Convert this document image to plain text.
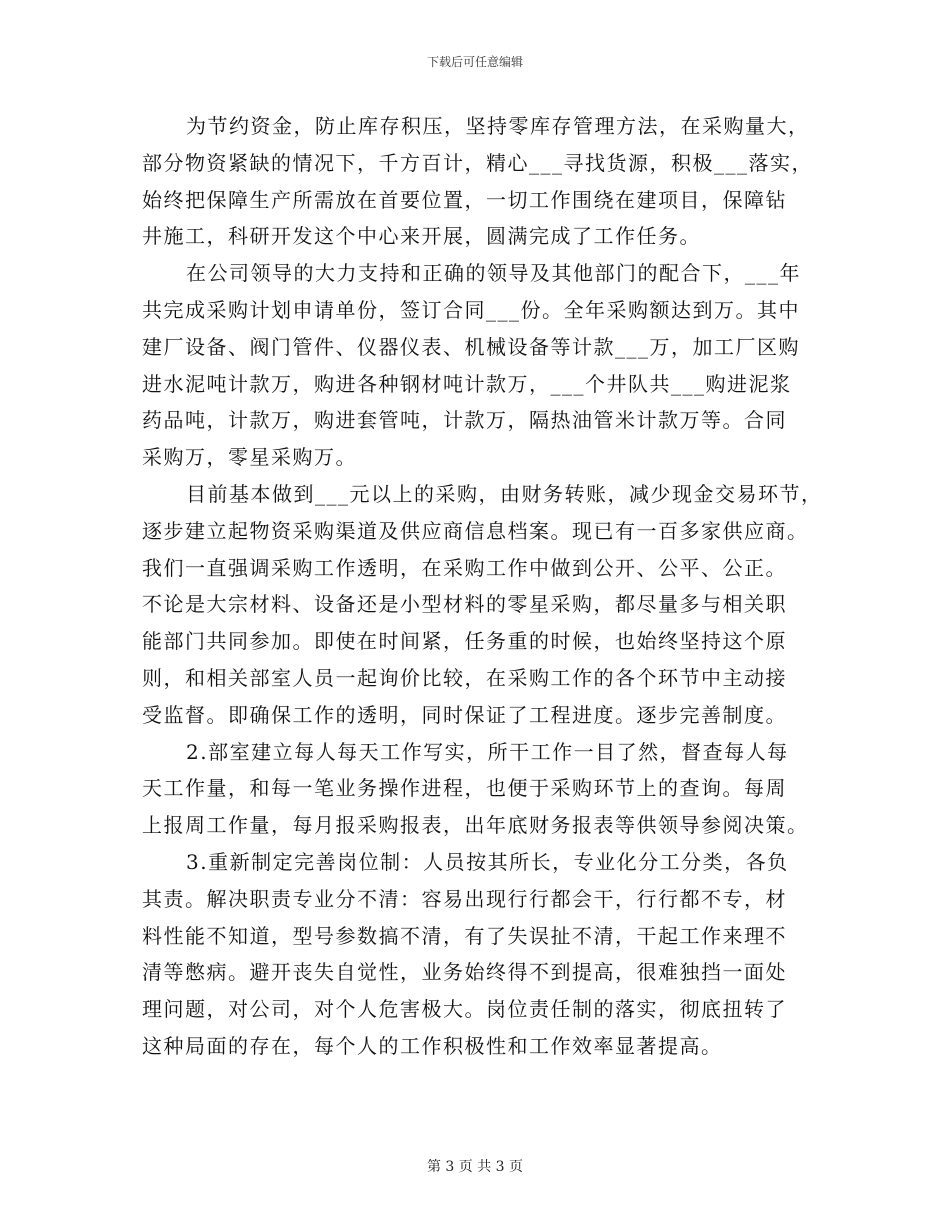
下载后可任意编辑
为节约资金，防止库存积压，坚持零库存管理方法，在采购量大，
部分物资紧缺的情况下，千方百计，精心___寻找货源，积极___落实，
始终把保障生产所需放在首要位置，一切工作围绕在建项目，保障钻
井施工，科研开发这个中心来开展，圆满完成了工作任务。
在公司领导的大力支持和正确的领导及其他部门的配合下，___年
共完成采购计划申请单份，签订合同___份。全年采购额达到万。其中
建厂设备、阀门管件、仪器仪表、机械设备等计款___万，加工厂区购
进水泥吨计款万，购进各种钢材吨计款万，___个井队共___购进泥浆
药品吨，计款万，购进套管吨，计款万，隔热油管米计款万等。合同
采购万，零星采购万。
目前基本做到___元以上的采购，由财务转账，减少现金交易环节，
逐步建立起物资采购渠道及供应商信息档案。现已有一百多家供应商。
我们一直强调采购工作透明，在采购工作中做到公开、公平、公正。
不论是大宗材料、设备还是小型材料的零星采购，都尽量多与相关职
能部门共同参加。即使在时间紧，任务重的时候，也始终坚持这个原
则，和相关部室人员一起询价比较，在采购工作的各个环节中主动接
受监督。即确保工作的透明，同时保证了工程进度。逐步完善制度。
2.部室建立每人每天工作写实，所干工作一目了然，督查每人每
天工作量，和每一笔业务操作进程，也便于采购环节上的查询。每周
上报周工作量，每月报采购报表，出年底财务报表等供领导参阅决策。
3.重新制定完善岗位制：人员按其所长，专业化分工分类，各负
其责。解决职责专业分不清：容易出现行行都会干，行行都不专，材
料性能不知道，型号参数搞不清，有了失误扯不清，干起工作来理不
清等憋病。避开丧失自觉性，业务始终得不到提高，很难独挡一面处
理问题，对公司，对个人危害极大。岗位责任制的落实，彻底扭转了
这种局面的存在，每个人的工作积极性和工作效率显著提高。
第 3 页 共 3 页
